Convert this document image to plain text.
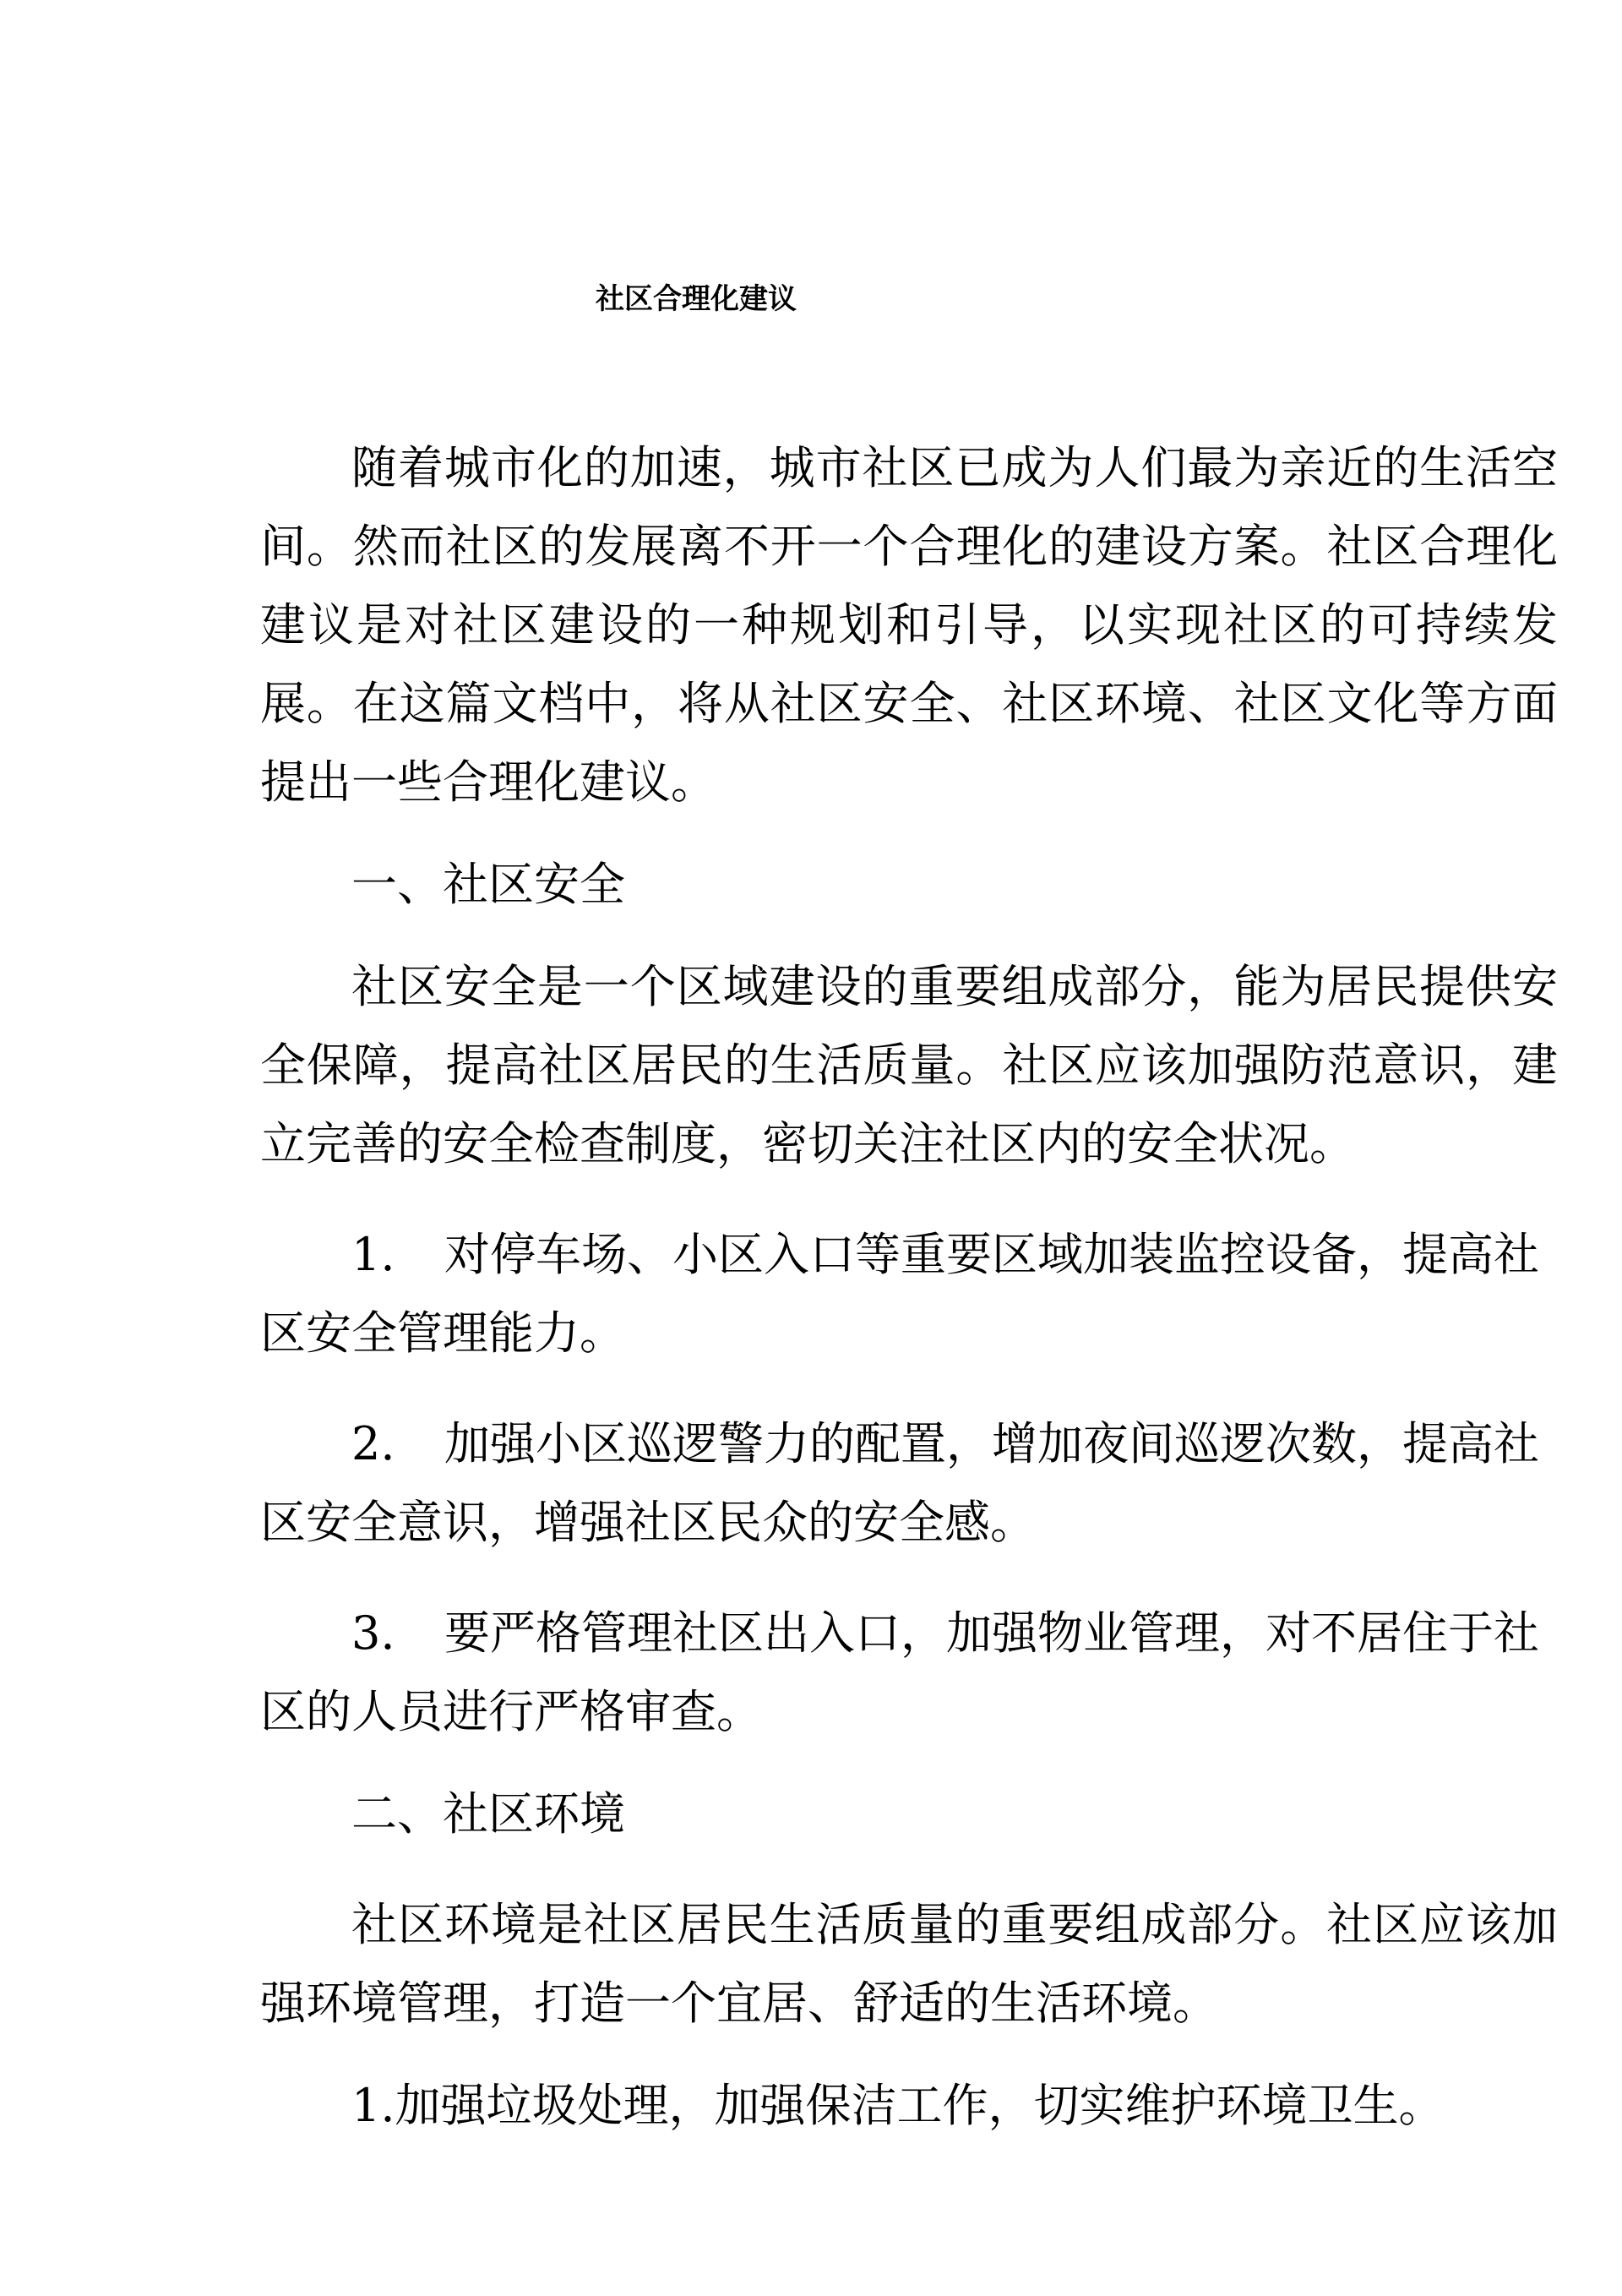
社区合理化建议

随着城市化的加速，城市社区已成为人们最为亲近的生活空间。然而社区的发展离不开一个合理化的建设方案。社区合理化建议是对社区建设的一种规划和引导，以实现社区的可持续发展。在这篇文档中，将从社区安全、社区环境、社区文化等方面提出一些合理化建议。

一、社区安全

社区安全是一个区域建设的重要组成部分，能为居民提供安全保障，提高社区居民的生活质量。社区应该加强防范意识，建立完善的安全检查制度，密切关注社区内的安全状况。

1. 对停车场、小区入口等重要区域加装监控设备，提高社区安全管理能力。

2. 加强小区巡逻警力的配置，增加夜间巡逻次数，提高社区安全意识，增强社区民众的安全感。

3. 要严格管理社区出入口，加强物业管理，对不居住于社区的人员进行严格审查。

二、社区环境

社区环境是社区居民生活质量的重要组成部分。社区应该加强环境管理，打造一个宜居、舒适的生活环境。

1.加强垃圾处理，加强保洁工作，切实维护环境卫生。
